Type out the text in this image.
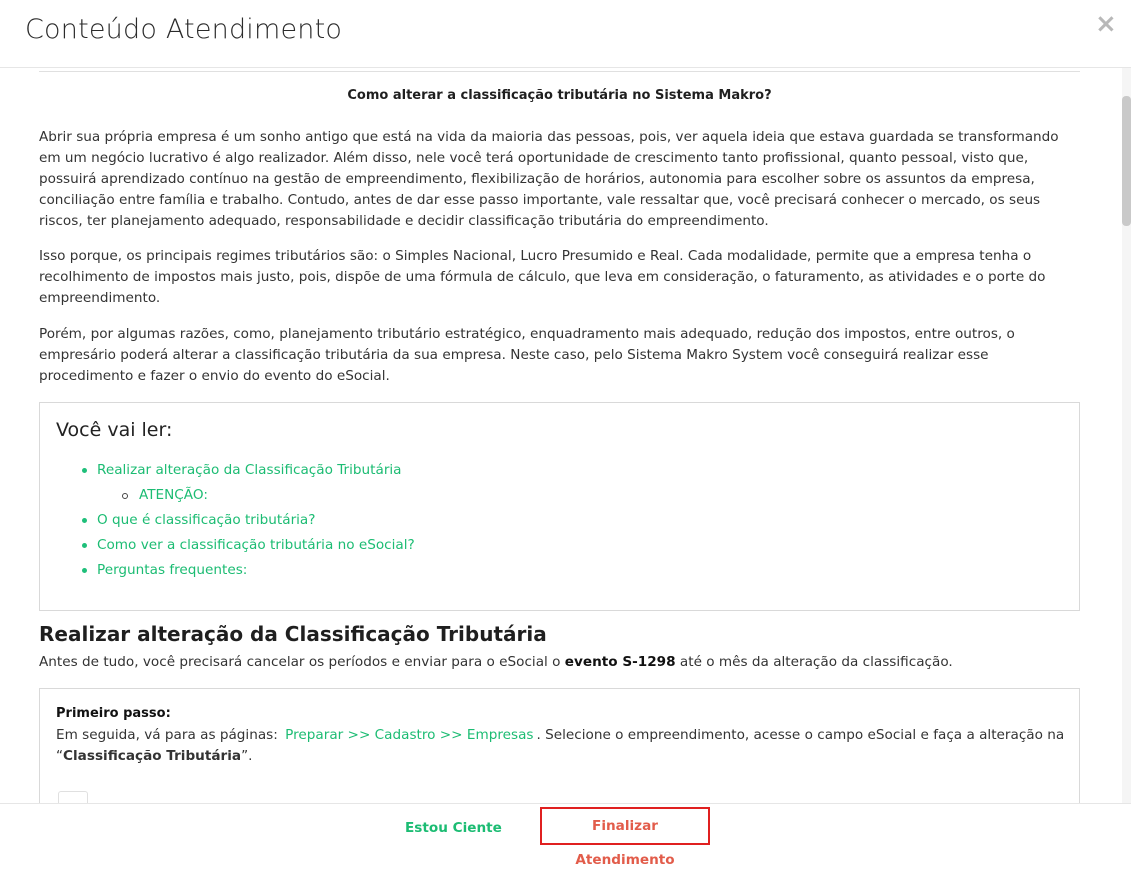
Conteúdo Atendimento	×
Como alterar a classificação tributária no Sistema Makro?

Abrir sua própria empresa é um sonho antigo que está na vida da maioria das pessoas, pois, ver aquela ideia que estava guardada se transformando em um negócio lucrativo é algo realizador. Além disso, nele você terá oportunidade de crescimento tanto profissional, quanto pessoal, visto que, possuirá aprendizado contínuo na gestão de empreendimento, flexibilização de horários, autonomia para escolher sobre os assuntos da empresa, conciliação entre família e trabalho. Contudo, antes de dar esse passo importante, vale ressaltar que, você precisará conhecer o mercado, os seus riscos, ter planejamento adequado, responsabilidade e decidir classificação tributária do empreendimento.

Isso porque, os principais regimes tributários são: o Simples Nacional, Lucro Presumido e Real. Cada modalidade, permite que a empresa tenha o recolhimento de impostos mais justo, pois, dispõe de uma fórmula de cálculo, que leva em consideração, o faturamento, as atividades e o porte do empreendimento.

Porém, por algumas razões, como, planejamento tributário estratégico, enquadramento mais adequado, redução dos impostos, entre outros, o empresário poderá alterar a classificação tributária da sua empresa. Neste caso, pelo Sistema Makro System você conseguirá realizar esse procedimento e fazer o envio do evento do eSocial.

Você vai ler:
Realizar alteração da Classificação Tributária
ATENÇÃO:
O que é classificação tributária?
Como ver a classificação tributária no eSocial?
Perguntas frequentes:
Realizar alteração da Classificação Tributária
Antes de tudo, você precisará cancelar os períodos e enviar para o eSocial o evento S-1298 até o mês da alteração da classificação.
Primeiro passo:
Em seguida, vá para as páginas: Preparar >> Cadastro >> Empresas . Selecione o empreendimento, acesse o campo eSocial e faça a alteração na “Classificação Tributária”.
Estou Ciente	Finalizar Atendimento
